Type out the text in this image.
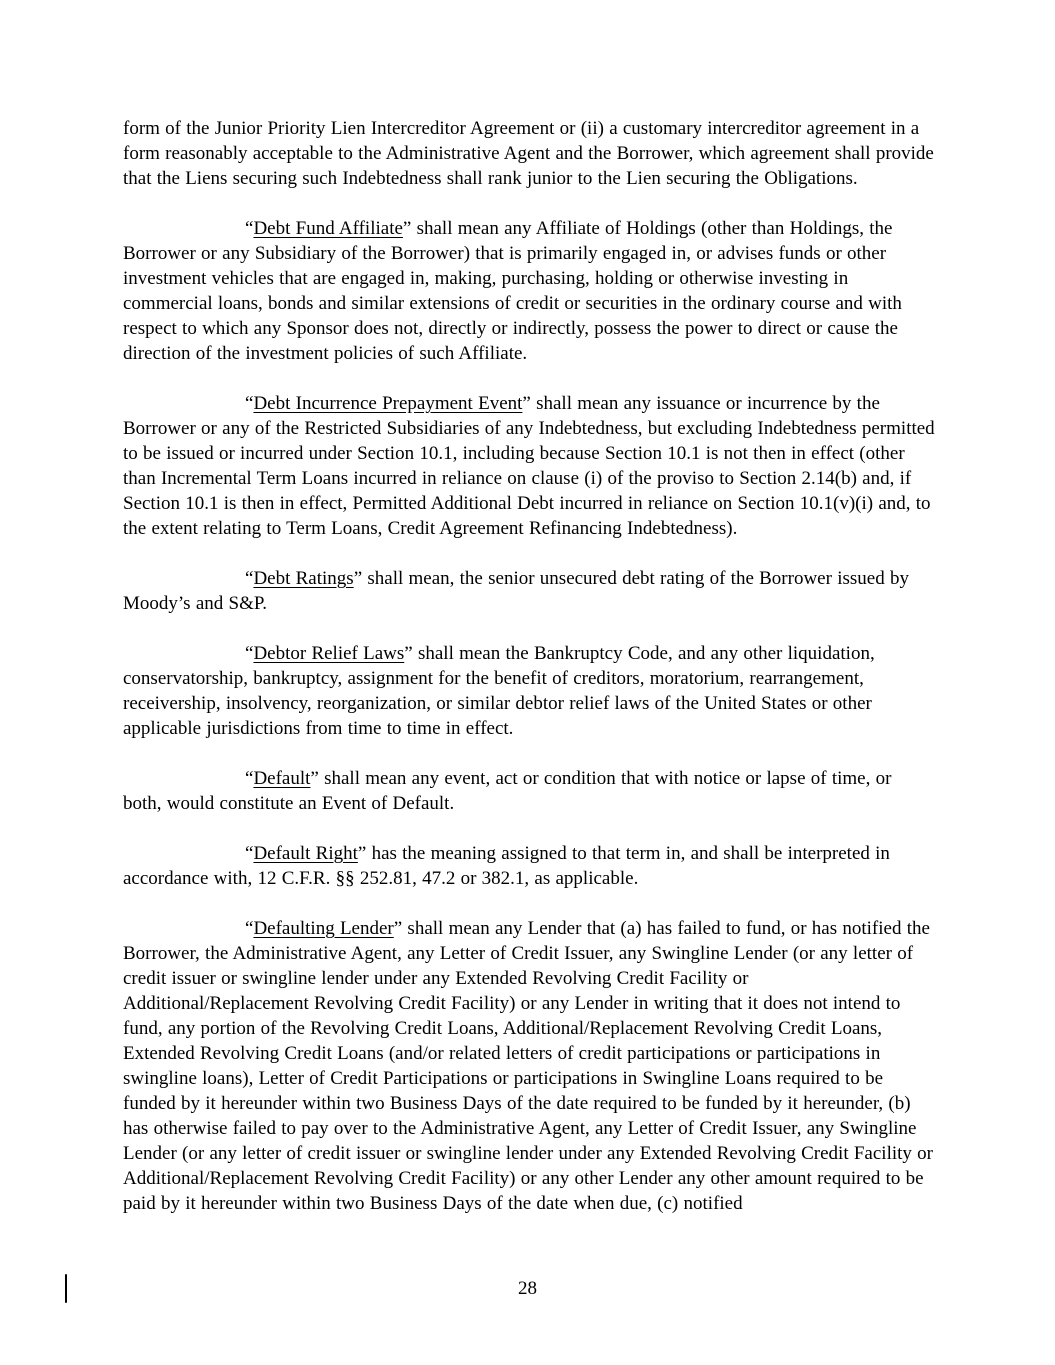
form of the Junior Priority Lien Intercreditor Agreement or (ii) a customary intercreditor agreement in a form reasonably acceptable to the Administrative Agent and the Borrower, which agreement shall provide that the Liens securing such Indebtedness shall rank junior to the Lien securing the Obligations.

“Debt Fund Affiliate” shall mean any Affiliate of Holdings (other than Holdings, the Borrower or any Subsidiary of the Borrower) that is primarily engaged in, or advises funds or other investment vehicles that are engaged in, making, purchasing, holding or otherwise investing in commercial loans, bonds and similar extensions of credit or securities in the ordinary course and with respect to which any Sponsor does not, directly or indirectly, possess the power to direct or cause the direction of the investment policies of such Affiliate.

“Debt Incurrence Prepayment Event” shall mean any issuance or incurrence by the Borrower or any of the Restricted Subsidiaries of any Indebtedness, but excluding Indebtedness permitted to be issued or incurred under Section 10.1, including because Section 10.1 is not then in effect (other than Incremental Term Loans incurred in reliance on clause (i) of the proviso to Section 2.14(b) and, if Section 10.1 is then in effect, Permitted Additional Debt incurred in reliance on Section 10.1(v)(i) and, to the extent relating to Term Loans, Credit Agreement Refinancing Indebtedness).

“Debt Ratings” shall mean, the senior unsecured debt rating of the Borrower issued by Moody’s and S&P.

“Debtor Relief Laws” shall mean the Bankruptcy Code, and any other liquidation, conservatorship, bankruptcy, assignment for the benefit of creditors, moratorium, rearrangement, receivership, insolvency, reorganization, or similar debtor relief laws of the United States or other applicable jurisdictions from time to time in effect.

“Default” shall mean any event, act or condition that with notice or lapse of time, or both, would constitute an Event of Default.

“Default Right” has the meaning assigned to that term in, and shall be interpreted in accordance with, 12 C.F.R. §§ 252.81, 47.2 or 382.1, as applicable.

“Defaulting Lender” shall mean any Lender that (a) has failed to fund, or has notified the Borrower, the Administrative Agent, any Letter of Credit Issuer, any Swingline Lender (or any letter of credit issuer or swingline lender under any Extended Revolving Credit Facility or Additional/Replacement Revolving Credit Facility) or any Lender in writing that it does not intend to fund, any portion of the Revolving Credit Loans, Additional/Replacement Revolving Credit Loans, Extended Revolving Credit Loans (and/or related letters of credit participations or participations in swingline loans), Letter of Credit Participations or participations in Swingline Loans required to be funded by it hereunder within two Business Days of the date required to be funded by it hereunder, (b) has otherwise failed to pay over to the Administrative Agent, any Letter of Credit Issuer, any Swingline Lender (or any letter of credit issuer or swingline lender under any Extended Revolving Credit Facility or Additional/Replacement Revolving Credit Facility) or any other Lender any other amount required to be paid by it hereunder within two Business Days of the date when due, (c) notified

28
